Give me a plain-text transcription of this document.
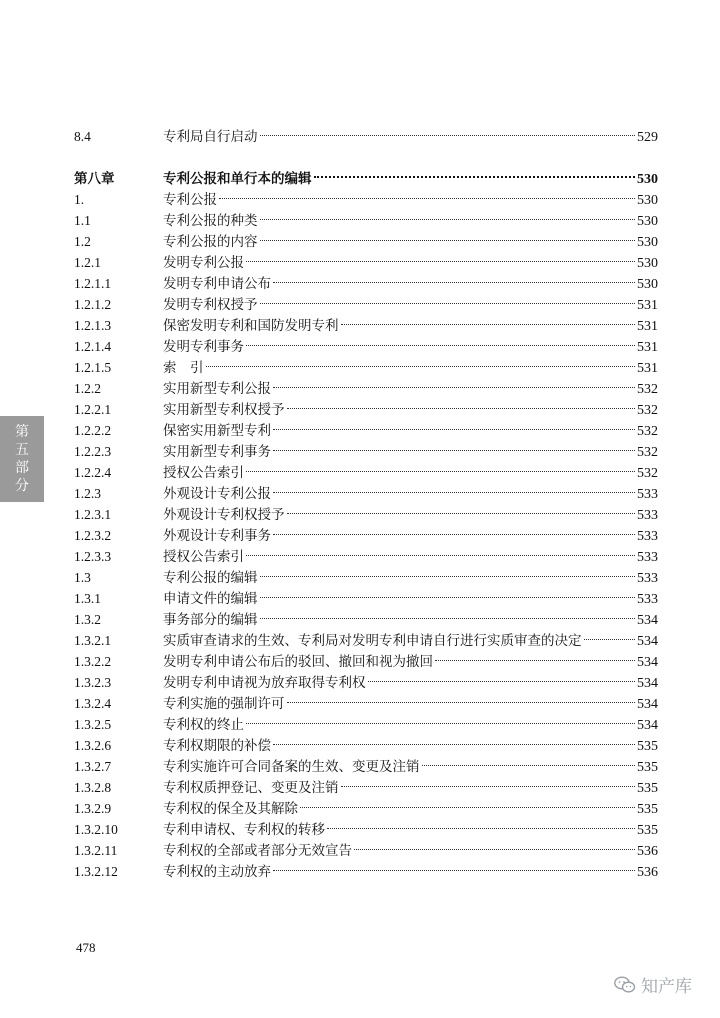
8.4	专利局自行启动	529
第八章	专利公报和单行本的编辑	530
1.	专利公报	530
1.1	专利公报的种类	530
1.2	专利公报的内容	530
1.2.1	发明专利公报	530
1.2.1.1	发明专利申请公布	530
1.2.1.2	发明专利权授予	531
1.2.1.3	保密发明专利和国防发明专利	531
1.2.1.4	发明专利事务	531
1.2.1.5	索　引	531
1.2.2	实用新型专利公报	532
1.2.2.1	实用新型专利权授予	532
1.2.2.2	保密实用新型专利	532
1.2.2.3	实用新型专利事务	532
1.2.2.4	授权公告索引	532
1.2.3	外观设计专利公报	533
1.2.3.1	外观设计专利权授予	533
1.2.3.2	外观设计专利事务	533
1.2.3.3	授权公告索引	533
1.3	专利公报的编辑	533
1.3.1	申请文件的编辑	533
1.3.2	事务部分的编辑	534
1.3.2.1	实质审查请求的生效、专利局对发明专利申请自行进行实质审查的决定	534
1.3.2.2	发明专利申请公布后的驳回、撤回和视为撤回	534
1.3.2.3	发明专利申请视为放弃取得专利权	534
1.3.2.4	专利实施的强制许可	534
1.3.2.5	专利权的终止	534
1.3.2.6	专利权期限的补偿	535
1.3.2.7	专利实施许可合同备案的生效、变更及注销	535
1.3.2.8	专利权质押登记、变更及注销	535
1.3.2.9	专利权的保全及其解除	535
1.3.2.10	专利申请权、专利权的转移	535
1.3.2.11	专利权的全部或者部分无效宣告	536
1.3.2.12	专利权的主动放弃	536
第
五
部
分
478
知产库
